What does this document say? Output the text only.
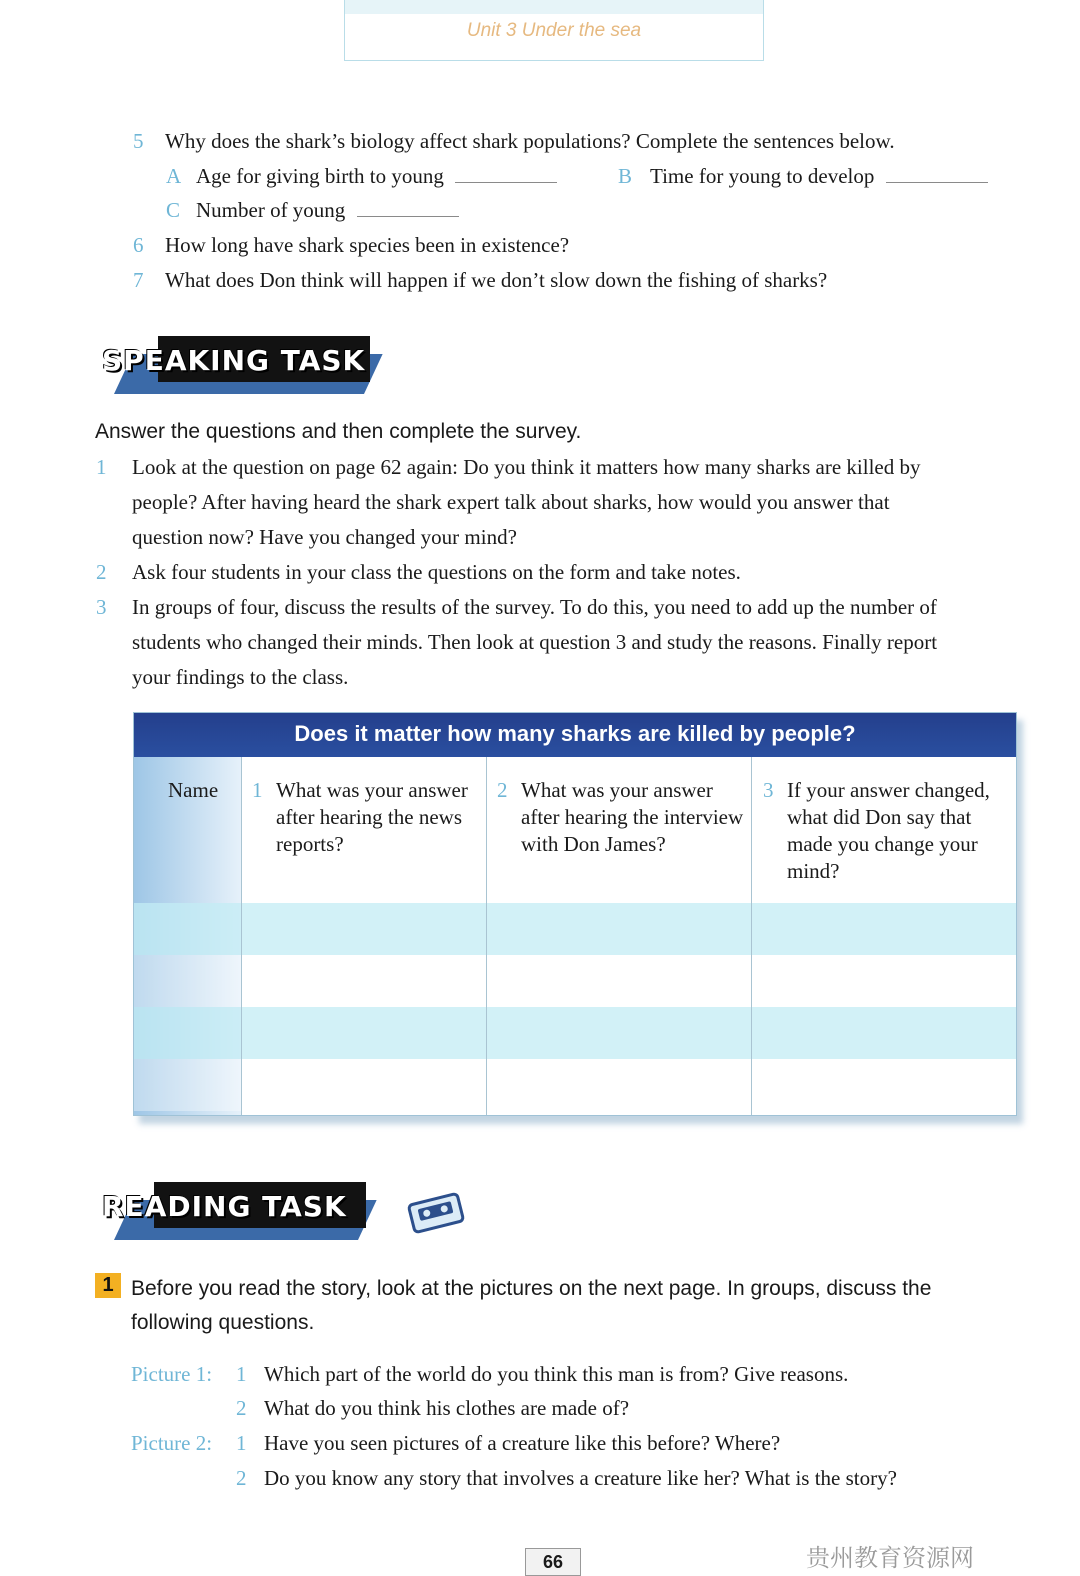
Unit 3 Under the sea
5 Why does the shark’s biology affect shark populations? Complete the sentences below.
A Age for giving birth to young	B Time for young to develop
C Number of young
6 How long have shark species been in existence?
7 What does Don think will happen if we don’t slow down the fishing of sharks?
SPEAKING TASK
Answer the questions and then complete the survey.
1 Look at the question on page 62 again: Do you think it matters how many sharks are killed by
people? After having heard the shark expert talk about sharks, how would you answer that
question now? Have you changed your mind?
2 Ask four students in your class the questions on the form and take notes.
3 In groups of four, discuss the results of the survey. To do this, you need to add up the number of
students who changed their minds. Then look at question 3 and study the reasons. Finally report
your findings to the class.
Does it matter how many sharks are killed by people?
Name 1 What was your answer
after hearing the news
reports?
2 What was your answer
after hearing the interview
with Don James?
3 If your answer changed,
what did Don say that
made you change your
mind?
READING TASK
1 Before you read the story, look at the pictures on the next page. In groups, discuss the
following questions.
Picture 1: 1 Which part of the world do you think this man is from? Give reasons.
2 What do you think his clothes are made of?
Picture 2: 1 Have you seen pictures of a creature like this before? Where?
2 Do you know any story that involves a creature like her? What is the story?
66	贵州教育资源网
